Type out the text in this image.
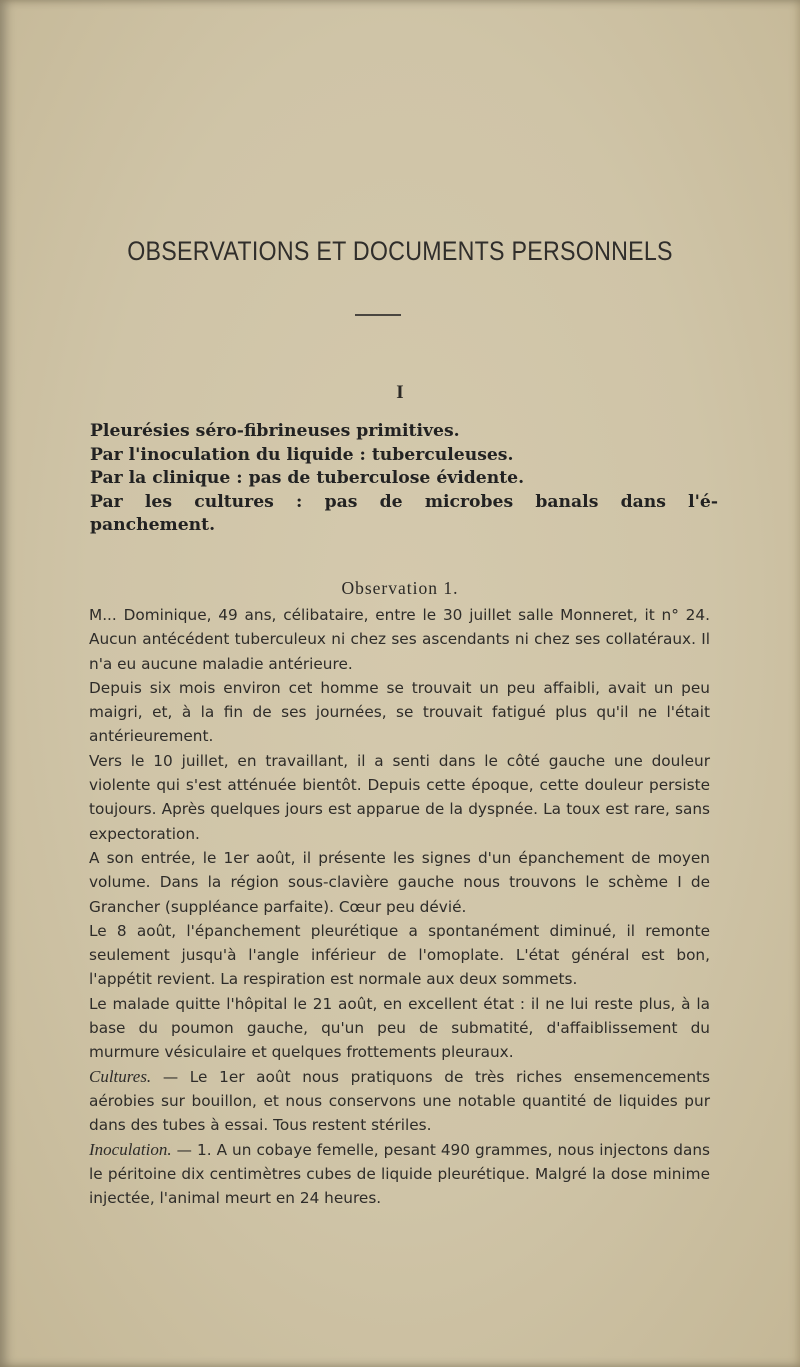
OBSERVATIONS ET DOCUMENTS PERSONNELS
I

Pleurésies séro-fibrineuses primitives.

Par l'inoculation du liquide : tuberculeuses.

Par la clinique : pas de tuberculose évidente.

Par les cultures : pas de microbes banals dans l'é-

panchement.

Observation 1.

M... Dominique, 49 ans, célibataire, entre le 30 juillet salle Monneret, it n° 24. Aucun antécédent tuberculeux ni chez ses ascendants ni chez ses collatéraux. Il n'a eu aucune maladie antérieure.

Depuis six mois environ cet homme se trouvait un peu affaibli, avait un peu maigri, et, à la fin de ses journées, se trouvait fatigué plus qu'il ne l'était antérieurement.

Vers le 10 juillet, en travaillant, il a senti dans le côté gauche une douleur violente qui s'est atténuée bientôt. Depuis cette époque, cette douleur persiste toujours. Après quelques jours est apparue de la dyspnée. La toux est rare, sans expectoration.

A son entrée, le 1er août, il présente les signes d'un épanchement de moyen volume. Dans la région sous-clavière gauche nous trouvons le schème I de Grancher (suppléance parfaite). Cœur peu dévié.

Le 8 août, l'épanchement pleurétique a spontanément diminué, il remonte seulement jusqu'à l'angle inférieur de l'omoplate. L'état général est bon, l'appétit revient. La respiration est normale aux deux sommets.

Le malade quitte l'hôpital le 21 août, en excellent état : il ne lui reste plus, à la base du poumon gauche, qu'un peu de submatité, d'affaiblissement du murmure vésiculaire et quelques frottements pleuraux.

Cultures. — Le 1er août nous pratiquons de très riches ensemencements aérobies sur bouillon, et nous conservons une notable quantité de liquides pur dans des tubes à essai. Tous restent stériles.

Inoculation. — 1. A un cobaye femelle, pesant 490 grammes, nous injectons dans le péritoine dix centimètres cubes de liquide pleurétique. Malgré la dose minime injectée, l'animal meurt en 24 heures.
